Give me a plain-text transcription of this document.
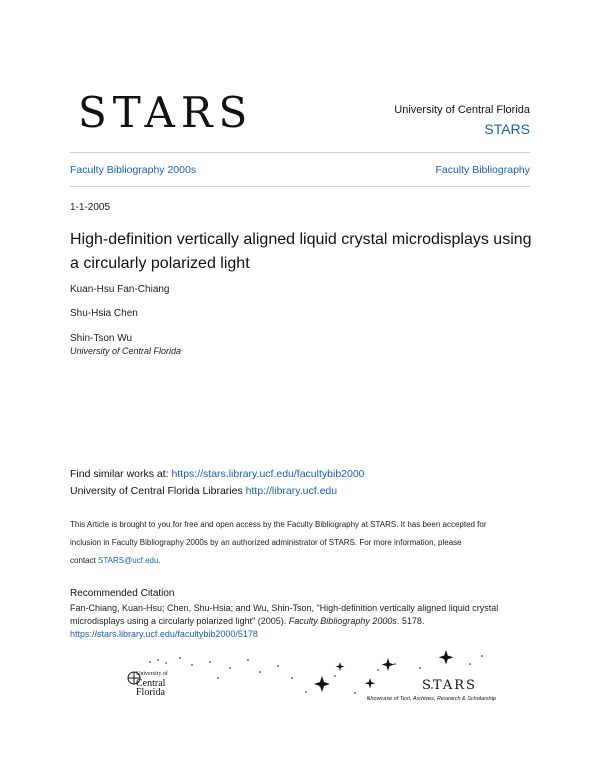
STARS	University of Central Florida
STARS
Faculty Bibliography 2000s	Faculty Bibliography
1-1-2005
High-definition vertically aligned liquid crystal microdisplays using
a circularly polarized light
Kuan-Hsu Fan-Chiang
Shu-Hsia Chen
Shin-Tson Wu
University of Central Florida
Find similar works at: https://stars.library.ucf.edu/facultybib2000
University of Central Florida Libraries http://library.ucf.edu
This Article is brought to you for free and open access by the Faculty Bibliography at STARS. It has been accepted for
inclusion in Faculty Bibliography 2000s by an authorized administrator of STARS. For more information, please
contact STARS@ucf.edu.
Recommended Citation
Fan-Chiang, Kuan-Hsu; Chen, Shu-Hsia; and Wu, Shin-Tson, "High-definition vertically aligned liquid crystal
microdisplays using a circularly polarized light" (2005). Faculty Bibliography 2000s. 5178.
https://stars.library.ucf.edu/facultybib2000/5178
University of
Central
Florida	STARS
Showcase of Text, Archives, Research & Scholarship
